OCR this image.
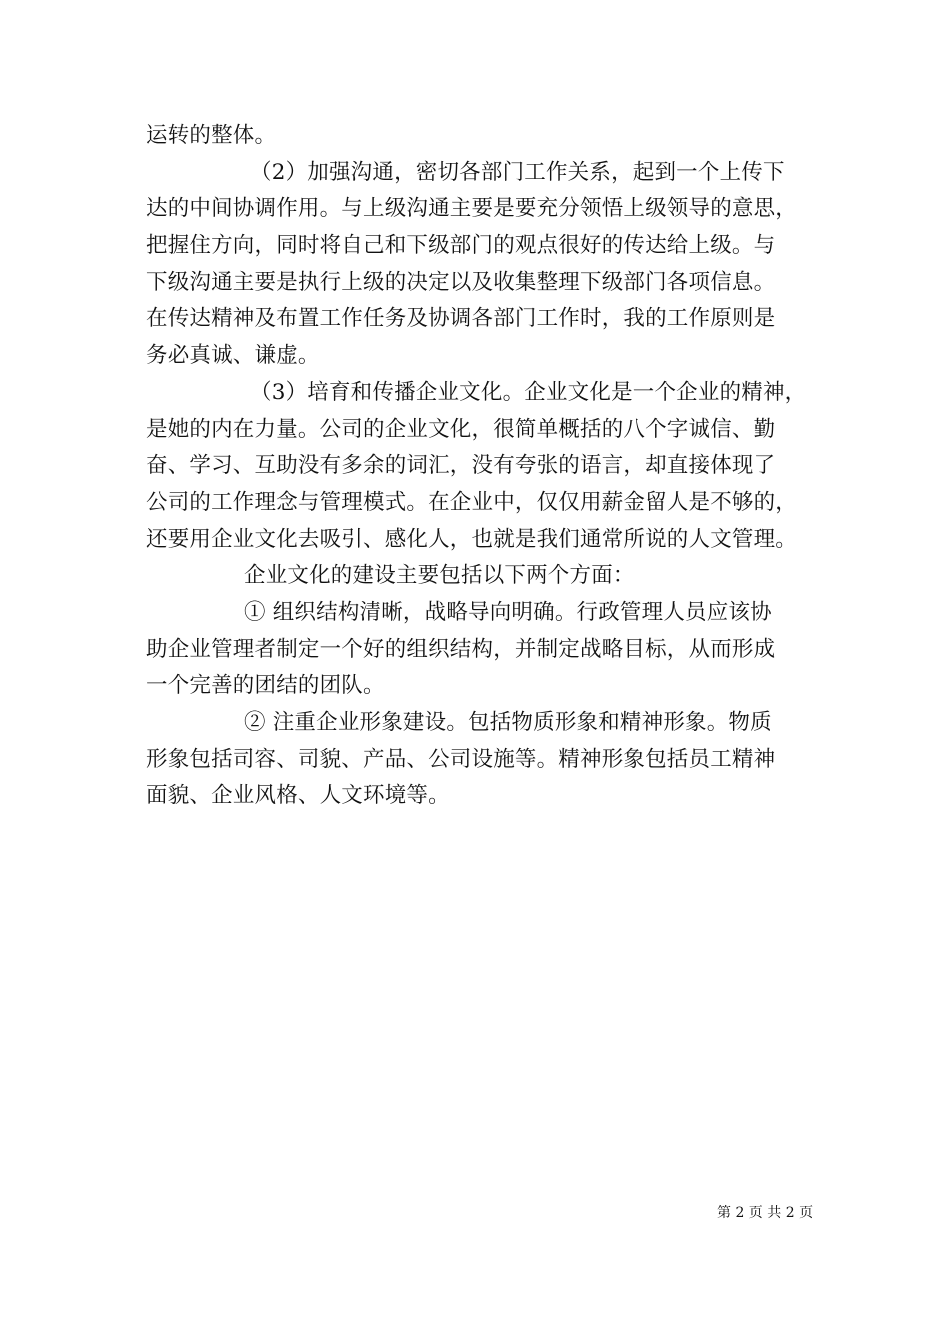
运转的整体。
（2）加强沟通，密切各部门工作关系，起到一个上传下
达的中间协调作用。与上级沟通主要是要充分领悟上级领导的意思，
把握住方向，同时将自己和下级部门的观点很好的传达给上级。与
下级沟通主要是执行上级的决定以及收集整理下级部门各项信息。
在传达精神及布置工作任务及协调各部门工作时，我的工作原则是
务必真诚、谦虚。
（3）培育和传播企业文化。企业文化是一个企业的精神，
是她的内在力量。公司的企业文化，很简单概括的八个字诚信、勤
奋、学习、互助没有多余的词汇，没有夸张的语言，却直接体现了
公司的工作理念与管理模式。在企业中，仅仅用薪金留人是不够的，
还要用企业文化去吸引、感化人，也就是我们通常所说的人文管理。
企业文化的建设主要包括以下两个方面：
① 组织结构清晰，战略导向明确。行政管理人员应该协
助企业管理者制定一个好的组织结构，并制定战略目标，从而形成
一个完善的团结的团队。
② 注重企业形象建设。包括物质形象和精神形象。物质
形象包括司容、司貌、产品、公司设施等。精神形象包括员工精神
面貌、企业风格、人文环境等。
第 2 页 共 2 页
